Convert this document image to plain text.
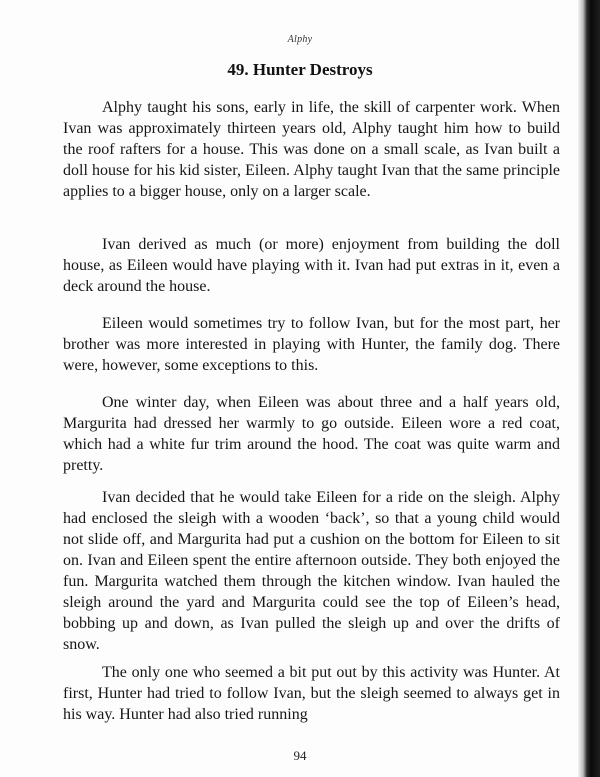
Alphy
49. Hunter Destroys

Alphy taught his sons, early in life, the skill of carpenter work. When Ivan was approximately thirteen years old, Alphy taught him how to build the roof rafters for a house. This was done on a small scale, as Ivan built a doll house for his kid sister, Eileen. Alphy taught Ivan that the same principle applies to a bigger house, only on a larger scale.

Ivan derived as much (or more) enjoyment from building the doll house, as Eileen would have playing with it. Ivan had put extras in it, even a deck around the house.

Eileen would sometimes try to follow Ivan, but for the most part, her brother was more interested in playing with Hunter, the family dog. There were, however, some exceptions to this.

One winter day, when Eileen was about three and a half years old, Margurita had dressed her warmly to go outside. Eileen wore a red coat, which had a white fur trim around the hood. The coat was quite warm and pretty.

Ivan decided that he would take Eileen for a ride on the sleigh. Alphy had enclosed the sleigh with a wooden ‘back’, so that a young child would not slide off, and Margurita had put a cushion on the bottom for Eileen to sit on. Ivan and Eileen spent the entire afternoon outside. They both enjoyed the fun. Margurita watched them through the kitchen window. Ivan hauled the sleigh around the yard and Margurita could see the top of Eileen’s head, bobbing up and down, as Ivan pulled the sleigh up and over the drifts of snow.

The only one who seemed a bit put out by this activity was Hunter. At first, Hunter had tried to follow Ivan, but the sleigh seemed to always get in his way. Hunter had also tried running

94
